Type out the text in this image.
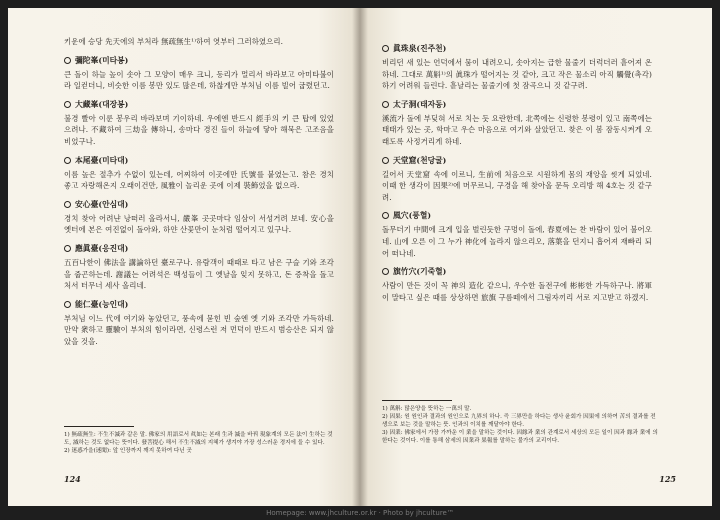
키운에 승당 先天에의 부처라 無疏無生¹⁾하여 엿부터 그러하였으리.

彌陀峯(미타봉)

큰 돌이 하늘 높이 솟아 그 모양이 매우 크니, 동리가 멀리서 바라보고 아미타불이라 일컫더니, 비슷한 이름 봉만 있도 많은데, 하찮게만 부처님 이름 빌어 굽렸던고.

大藏峯(대장봉)

불경 빨아 이룬 봉우리 바라보며 기이하네. 우에엔 반드시 經手의 키 큰 탑에 있었으려나. 不藏하여 三劫을 傳하니, 송마다 경진 들이 하늘에 닿아 해묵은 고조음을 비었구나.

本尾臺(미타대)

이름 높은 절추가 수없이 있는데, 어찌하여 이곳에만 氏號를 붙였는고. 참은 경치 좋고 자랑해온지 오래이건만, 風雅이 놀리운 곳에 이제 裝飾었을 없으라.

安心臺(안심대)

경치 찾아 어려냔 낭떠러 올라서니, 嚴峯 곳곳마다 임삼이 서성거려 보네. 安心을 옛터에 본은 여진없이 돌아와, 하얀 산꽃만이 눈처럼 떨어지고 있구나.

應眞臺(응진대)

五百나한이 佛法을 講論하던 臺로구나. 유람객이 때때로 타고 남은 구슬 기와 조각을 줍곤하는데. 謝議는 어려석은 백성들이 그 옛날을 잊지 못하고, 돈 증착을 돌고처서 터무너 세사 올리네.

能仁臺(능인대)

부처님 이느 代에 여기와 놓았던고, 풍속에 묻힌 빈 숲엔 옛 기와 조각만 가득하네. 만약 衆하고 靈驗이 부처의 힘이라면, 신령스런 저 먼덕이 반드시 범승산은 되지 않았을 것을.

1) 無疏無生: 不生不滅과 같은 말. 佛家의 用語로서 眞如는 본래 生과 滅을 바꿔 現象계의 모든 法이 生하는 것도, 滅하는 것도 없다는 뜻이다. 發菩提心 해서 不生不滅의 지혜가 생겨야 가장 성스러운 경지에 들 수 있다.

2) 迷惑가을(迷聞): 앞 인장까지 깨지 못하여 다닌 곳

124
眞珠泉(진주천)

비리던 새 있는 언덕에서 뭄이 내려오니, 솟아지는 급한 물줄기 더럭더러 흩어져 온하네. 그대로 萬斛¹⁾의 眞珠가 떨어지는 것 같아, 크고 작은 물소리 아직 觸覺(촉각)하기 어려워 들린다. 흩날리는 물줄기에 첫 잠곡으니 것 같구려.

太子洞(태자동)

溪流가 돌에 부딪혀 서로 치는 듯 요란한데, 北쪽에는 신령한 봉령이 있고 南쪽에는 태태가 있는 곳, 학마고 우슨 마음으로 여기와 살았던고. 찾은 이 봄 잠동시켜게 오래도록 사정거리게 하네.

天堂窟(천당굴)

길어서 天堂窟 속에 이르니, 生前에 처음으로 시원하게 몸의 재앙을 씻게 되었네. 이때 한 생각이 因果²⁾에 머무르니, 구경을 해 찾아올 문득 오리방 해 4호는 것 같구려.

風穴(풍혈)

돌무더기 中間에 크게 입을 벌린듯한 구멍이 돌에, 春夏에는 찬 바람이 있어 불어오네. 山에 오른 이 그 누가 神化에 놀라지 않으리오, 落葉을 던지니 흡어져 재빠리 되어 떠나네.

旗竹穴(기죽혈)

사람이 만든 것이 꼭 神의 造化 같으니, 우수한 돌전구에 彬彬한 가득하구나. 將軍이 말타고 싶은 때를 상상하면 旅旗 구름떼에서 그림자끼리 서로 지고받고 하겠지.

1) 萬斛: 많은양을 뜻하는 一萬의 말.

2) 因果: 원 원인과 결과의 원인으로 九界의 하나. 즉 三界만을 하다는 생사 윤회가 因果에 의하여 苦의 결과를 전생으로 보는 것을 말하는 뜻. 인과의 이치를 깨달아야 한다.

3) 因業: 佛家에서 가장 가까운 이 業을 말하는 것이다. 因緣과 業의 관계로서 세상의 모든 일이 因과 緣과 業에 의한다는 것이다. 이를 통해 삼세의 因業과 果報를 말하는 불가의 교리이다.

125
Homepage: www.jhculture.or.kr · Photo by jhculture™
